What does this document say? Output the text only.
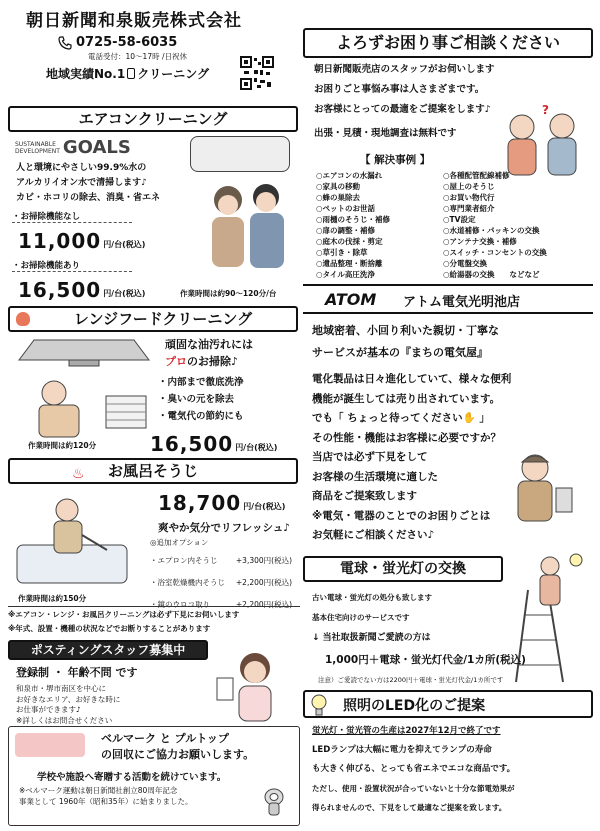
朝日新聞和泉販売株式会社
0725-58-6035
電話受付：10～17時 /日祝休
地域実績No.1 クリーニング
エアコンクリーニング
SUSTAINABLE
DEVELOPMENT GOALS
人と環境にやさしい99.9%水の
アルカリイオン水で清掃します♪
カビ・ホコリの除去、消臭・省エネ
・お掃除機能なし
11,000 円/台(税込)
・お掃除機能あり
16,500 円/台(税込)	作業時間は約90～120分/台
レンジフードクリーニング
頑固な油汚れには
プロのお掃除♪
・内部まで徹底洗浄
・臭いの元を除去
・電気代の節約にも
作業時間は約120分	16,500 円/台(税込)
♨ お風呂そうじ
18,700 円/台(税込)
爽やか気分でリフレッシュ♪
◎追加オプション
・エプロン内そうじ +3,300円(税込)
・浴室乾燥機内そうじ +2,200円(税込)
・鏡のウロコ取り	+2,200円(税込)
作業時間は約150分
※エアコン・レンジ・お風呂クリーニングは必ず下見にお伺いします
※年式、設置・機種の状況などでお断りすることがあります
ポスティングスタッフ募集中
登録制 ・ 年齢不問 です
和泉市・堺市南区を中心に
お好きなエリア、お好きな時に
お仕事ができます♪
※詳しくはお問合せください
ベルマーク と プルトップ
の回収にご協力お願いします。
学校や施設へ寄贈する活動を続けています。
※ベルマーク運動は朝日新聞社創立80周年記念
事業として 1960年（昭和35年）に始まりました。
よろずお困り事ご相談ください
朝日新聞販売店のスタッフがお伺いします
お困りごと事悩み事は人さまざまです。
お客様にとっての最適をご提案をします♪
出張・見積・現地調査は無料です
?
【 解決事例 】
○エアコンの水漏れ	○各種配管配線補修
○家具の移動	○屋上のそうじ
○蜂の巣除去	○お買い物代行
○ペットのお世話	○専門業者紹介
○雨樋のそうじ・補修	○TV設定
○扉の調整・補修	○水道補修・パッキンの交換
○庭木の伐採・剪定	○アンテナ交換・補修
○草引き・除草	○スイッチ・コンセントの交換
○遺品整理・断捨離	○分電盤交換
○タイル高圧洗浄	○給湯器の交換　　などなど
ATOM アトム電気光明池店
地域密着、小回り利いた親切・丁寧な
サービスが基本の『まちの電気屋』
電化製品は日々進化していて、様々な便利
機能が誕生しては売り出されています。
でも「 ちょっと待ってください✋ 」
その性能・機能はお客様に必要ですか？
当店では必ず下見をして
お客様の生活環境に適した
商品をご提案致します
※電気・電器のことでのお困りごとは
お気軽にご相談ください♪
電球・蛍光灯の交換
古い電球・蛍光灯の処分も致します
基本住宅向けのサービスです
↓ 当社取扱新聞ご愛読の方は
1,000円＋電球・蛍光灯代金/1カ所(税込)
注意）ご愛読でない方は2200円＋電球・蛍光灯代金/1カ所です
照明のLED化のご提案
蛍光灯・蛍光管の生産は2027年12月で終了です
LEDランプは大幅に電力を抑えてランプの寿命
も大きく伸びる、とっても省エネでエコな商品です。
ただし、使用・設置状況が合っていないと十分な節電効果が
得られませんので、下見をして最適なご提案を致します。
